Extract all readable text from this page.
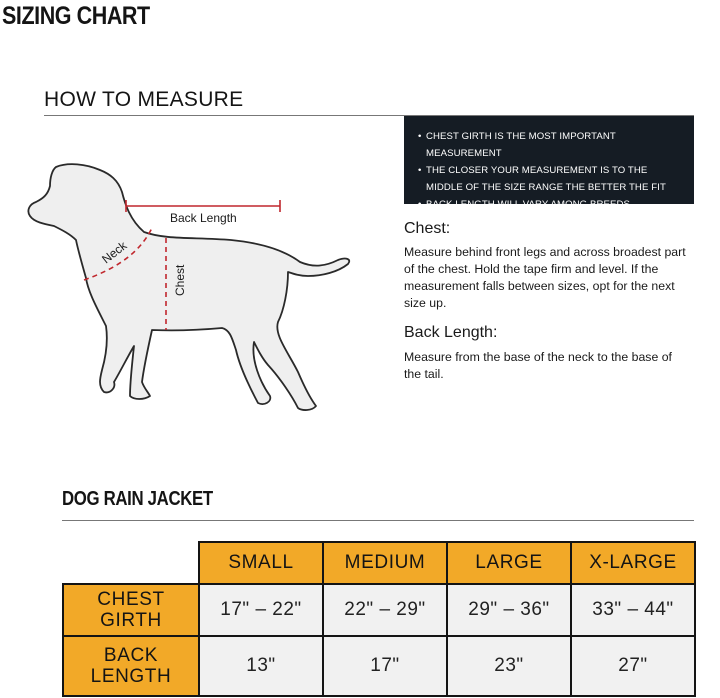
SIZING CHART
HOW TO MEASURE
• CHEST GIRTH IS THE MOST IMPORTANT MEASUREMENT
• THE CLOSER YOUR MEASUREMENT IS TO THE MIDDLE OF THE SIZE RANGE THE BETTER THE FIT
• BACK LENGTH WILL VARY AMONG BREEDS
Back Length
Neck
Chest
Chest:
Measure behind front legs and across broadest part of the chest. Hold the tape firm and level. If the measurement falls between sizes, opt for the next size up.
Back Length:
Measure from the base of the neck to the base of the tail.
DOG RAIN JACKET
	SMALL	MEDIUM	LARGE	X-LARGE
CHEST
GIRTH	17" – 22"	22" – 29"	29" – 36"	33" – 44"
BACK
LENGTH	13"	17"	23"	27"
